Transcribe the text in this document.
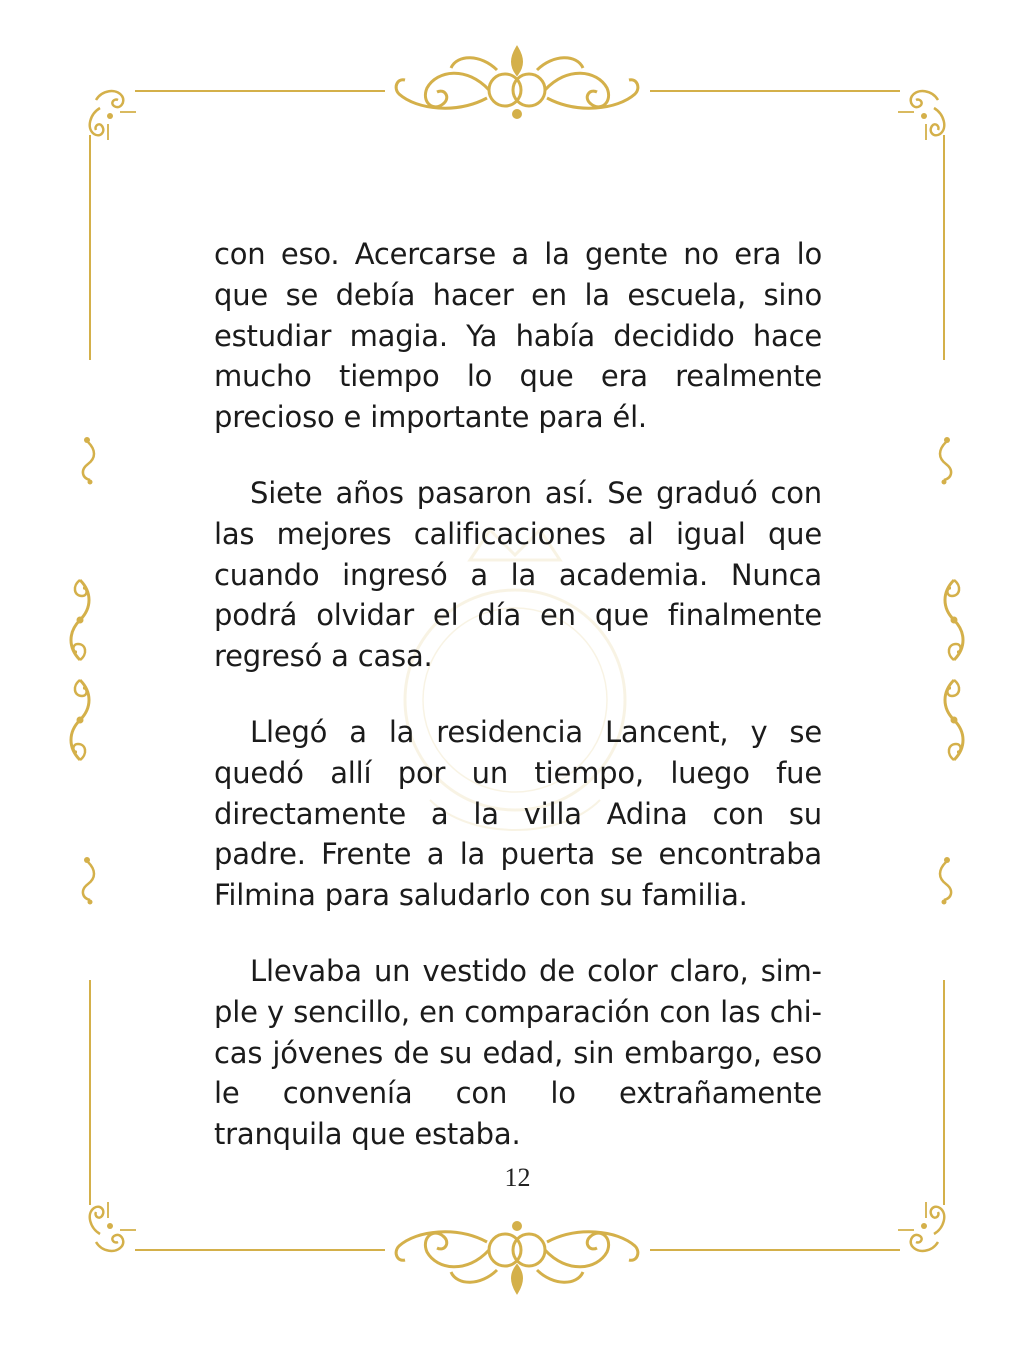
con eso. Acercarse a la gente no era lo que se debía hacer en la escuela, sino estudiar magia. Ya había decidido hace mucho tiempo lo que era realmente precioso e importante para él.

Siete años pasaron así. Se graduó con las mejores calificaciones al igual que cuando ingresó a la academia. Nunca podrá olvidar el día en que finalmente regresó a casa.

Llegó a la residencia Lancent, y se quedó allí por un tiempo, luego fue directamente a la villa Adina con su padre. Frente a la puerta se encontraba Filmina para saludarlo con su familia.

Llevaba un vestido de color claro, simple y sencillo, en comparación con las chicas jóvenes de su edad, sin embargo, eso le convenía con lo extrañamente tranquila que estaba.

12
